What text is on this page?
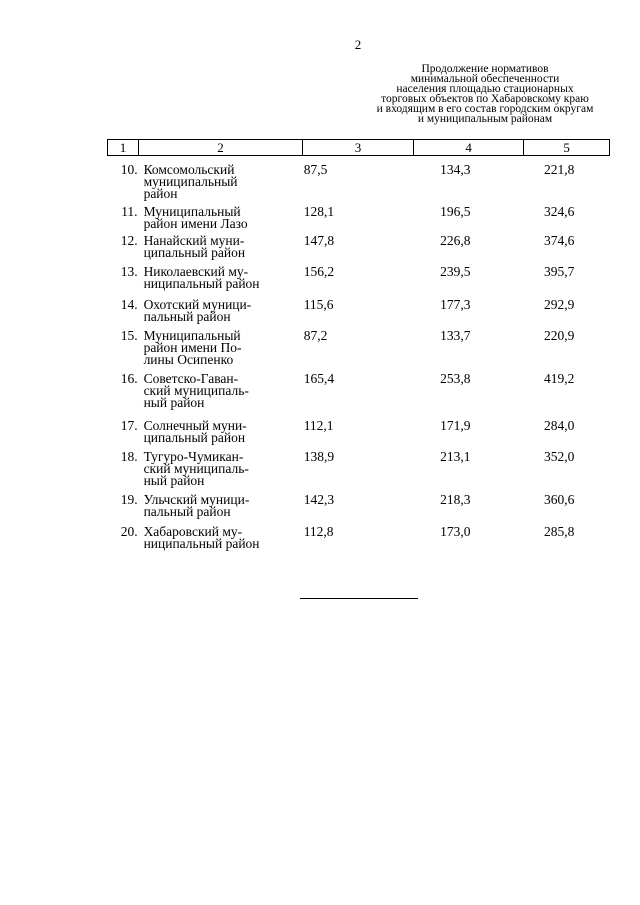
2
Продолжение нормативов
минимальной обеспеченности
населения площадью стационарных
торговых объектов по Хабаровскому краю
и входящим в его состав городским округам
и муниципальным районам
1	2	3	4	5
10. Комсомольский
муниципальный
район
87,5	134,3	221,8
11. Муниципальный
район имени Лазо
128,1	196,5	324,6
12. Нанайский муни-
ципальный район
147,8	226,8	374,6
13. Николаевский му-
ниципальный район
156,2	239,5	395,7
14. Охотский муници-
пальный район
115,6	177,3	292,9
15. Муниципальный
район имени По-
лины Осипенко
87,2	133,7	220,9
16. Советско-Гаван-
ский муниципаль-
ный район
165,4	253,8	419,2
17. Солнечный муни-
ципальный район
112,1	171,9	284,0
18. Тугуро-Чумикан-
ский муниципаль-
ный район
138,9	213,1	352,0
19. Ульчский муници-
пальный район
142,3	218,3	360,6
20. Хабаровский му-
ниципальный район
112,8	173,0	285,8
